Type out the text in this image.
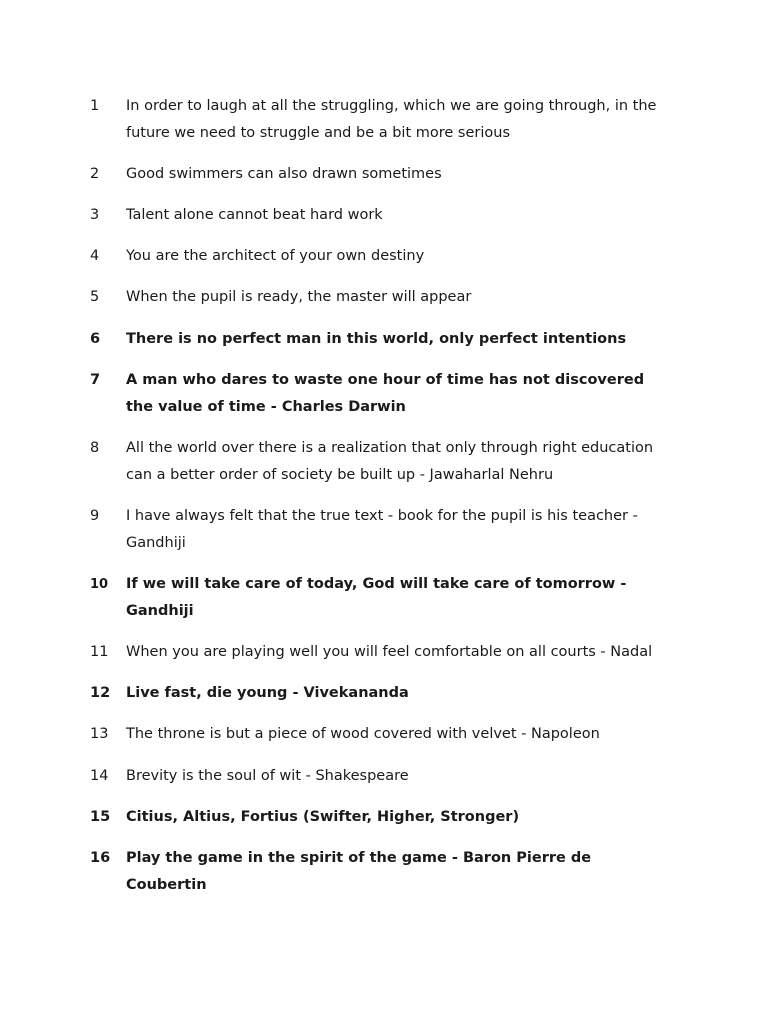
1 In order to laugh at all the struggling, which we are going through, in the
future we need to struggle and be a bit more serious
2 Good swimmers can also drawn sometimes
3 Talent alone cannot beat hard work
4 You are the architect of your own destiny
5 When the pupil is ready, the master will appear
6 There is no perfect man in this world, only perfect intentions
7 A man who dares to waste one hour of time has not discovered
the value of time - Charles Darwin
8 All the world over there is a realization that only through right education
can a better order of society be built up - Jawaharlal Nehru
9 I have always felt that the true text - book for the pupil is his teacher -
Gandhiji
10 If we will take care of today, God will take care of tomorrow -
Gandhiji
11 When you are playing well you will feel comfortable on all courts - Nadal
12 Live fast, die young - Vivekananda
13 The throne is but a piece of wood covered with velvet - Napoleon
14 Brevity is the soul of wit - Shakespeare
15 Citius, Altius, Fortius (Swifter, Higher, Stronger)
16 Play the game in the spirit of the game - Baron Pierre de
Coubertin
